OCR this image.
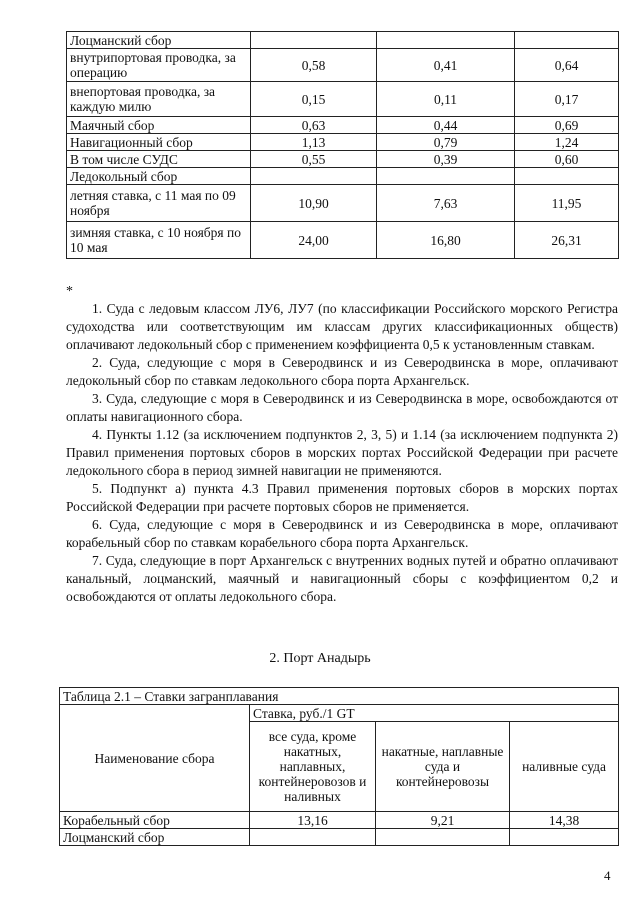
Лоцманский сбор			
внутрипортовая проводка, за операцию	0,58	0,41	0,64
внепортовая проводка, за каждую милю	0,15	0,11	0,17
Маячный сбор	0,63	0,44	0,69
Навигационный сбор	1,13	0,79	1,24
В том числе СУДС	0,55	0,39	0,60
Ледокольный сбор			
летняя ставка, с 11 мая по 09 ноября	10,90	7,63	11,95
зимняя ставка, с 10 ноября по 10 мая	24,00	16,80	26,31
*

1. Суда с ледовым классом ЛУ6, ЛУ7 (по классификации Российского морского Регистра судоходства или соответствующим им классам других классификационных обществ) оплачивают ледокольный сбор с применением коэффициента 0,5 к установленным ставкам.

2. Суда, следующие с моря в Северодвинск и из Северодвинска в море, оплачивают ледокольный сбор по ставкам ледокольного сбора порта Архангельск.

3. Суда, следующие с моря в Северодвинск и из Северодвинска в море, освобождаются от оплаты навигационного сбора.

4. Пункты 1.12 (за исключением подпунктов 2, 3, 5) и 1.14 (за исключением подпункта 2) Правил применения портовых сборов в морских портах Российской Федерации при расчете ледокольного сбора в период зимней навигации не применяются.

5. Подпункт а) пункта 4.3 Правил применения портовых сборов в морских портах Российской Федерации при расчете портовых сборов не применяется.

6. Суда, следующие с моря в Северодвинск и из Северодвинска в море, оплачивают корабельный сбор по ставкам корабельного сбора порта Архангельск.

7. Суда, следующие в порт Архангельск с внутренних водных путей и обратно оплачивают канальный, лоцманский, маячный и навигационный сборы с коэффициентом 0,2 и освобождаются от оплаты ледокольного сбора.

2. Порт Анадырь
Таблица 2.1 – Ставки загранплавания			
Наименование сбора	Ставка, руб./1 GT		
	все суда, кроме накатных, наплавных, контейнеровозов и наливных	накатные, наплавные суда и контейнеровозы	наливные суда
Корабельный сбор	13,16	9,21	14,38
Лоцманский сбор			
4
